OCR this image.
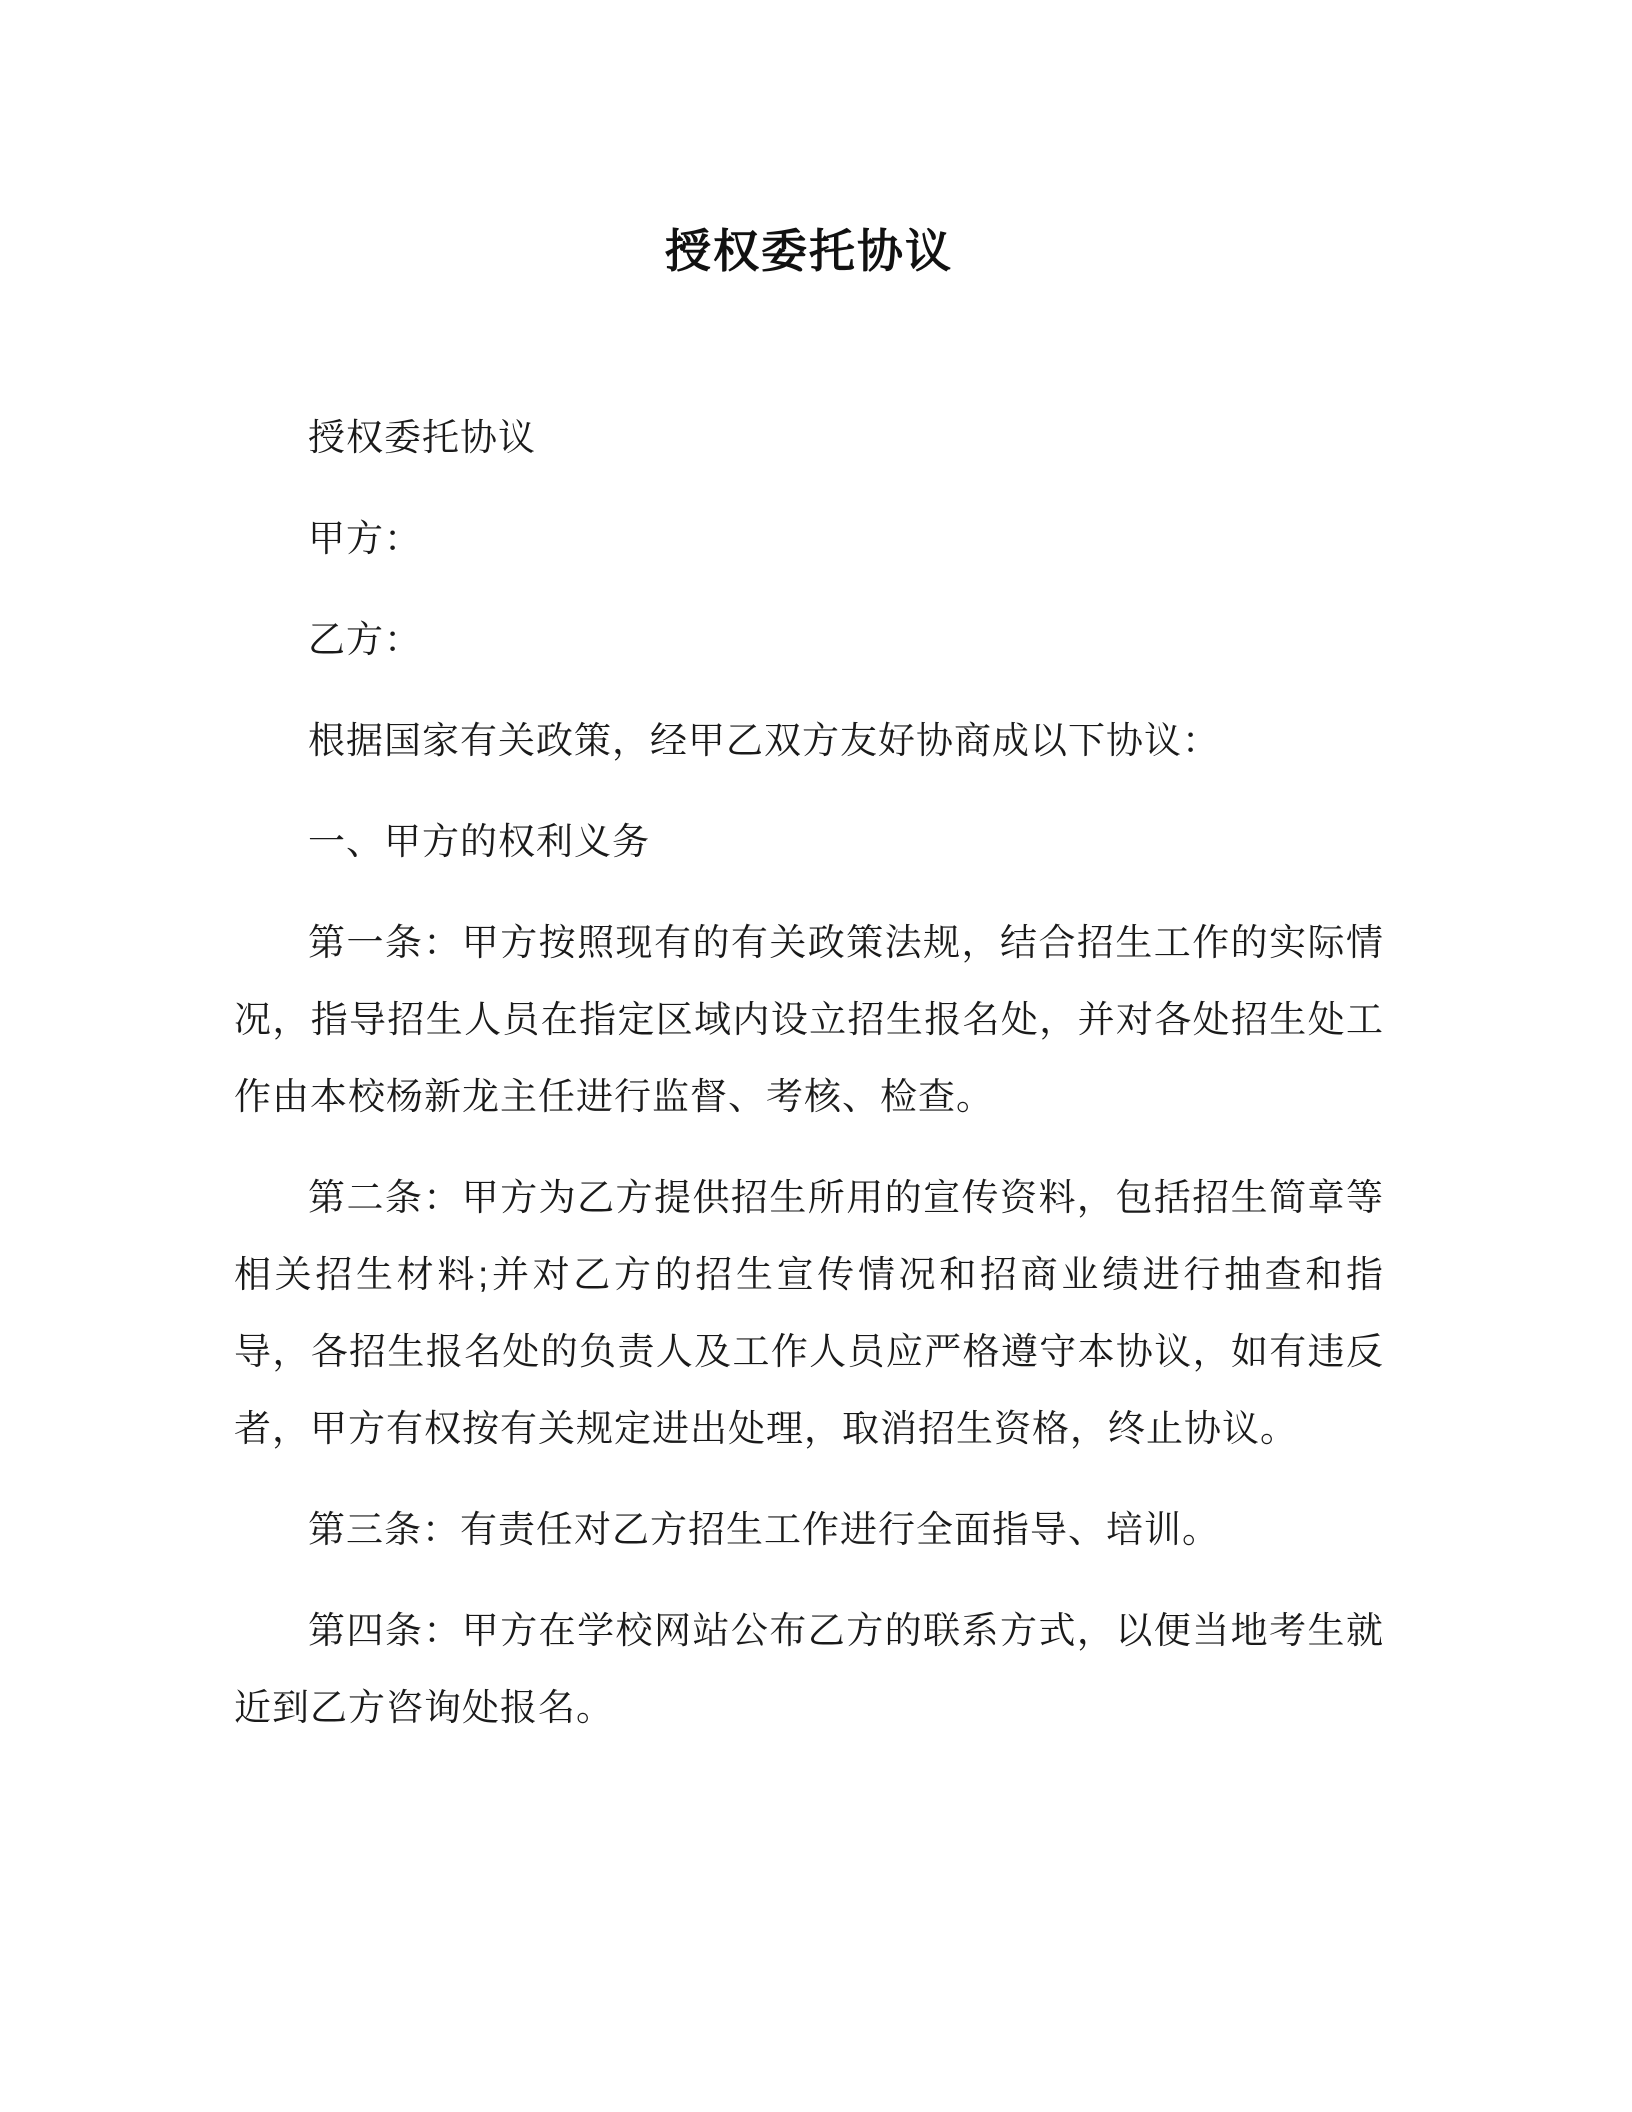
授权委托协议

授权委托协议

甲方：

乙方：

根据国家有关政策，经甲乙双方友好协商成以下协议：

一、甲方的权利义务

第一条：甲方按照现有的有关政策法规，结合招生工作的实际情况，指导招生人员在指定区域内设立招生报名处，并对各处招生处工作由本校杨新龙主任进行监督、考核、检查。

第二条：甲方为乙方提供招生所用的宣传资料，包括招生简章等相关招生材料;并对乙方的招生宣传情况和招商业绩进行抽查和指导，各招生报名处的负责人及工作人员应严格遵守本协议，如有违反者，甲方有权按有关规定进出处理，取消招生资格，终止协议。

第三条：有责任对乙方招生工作进行全面指导、培训。

第四条：甲方在学校网站公布乙方的联系方式，以便当地考生就近到乙方咨询处报名。
